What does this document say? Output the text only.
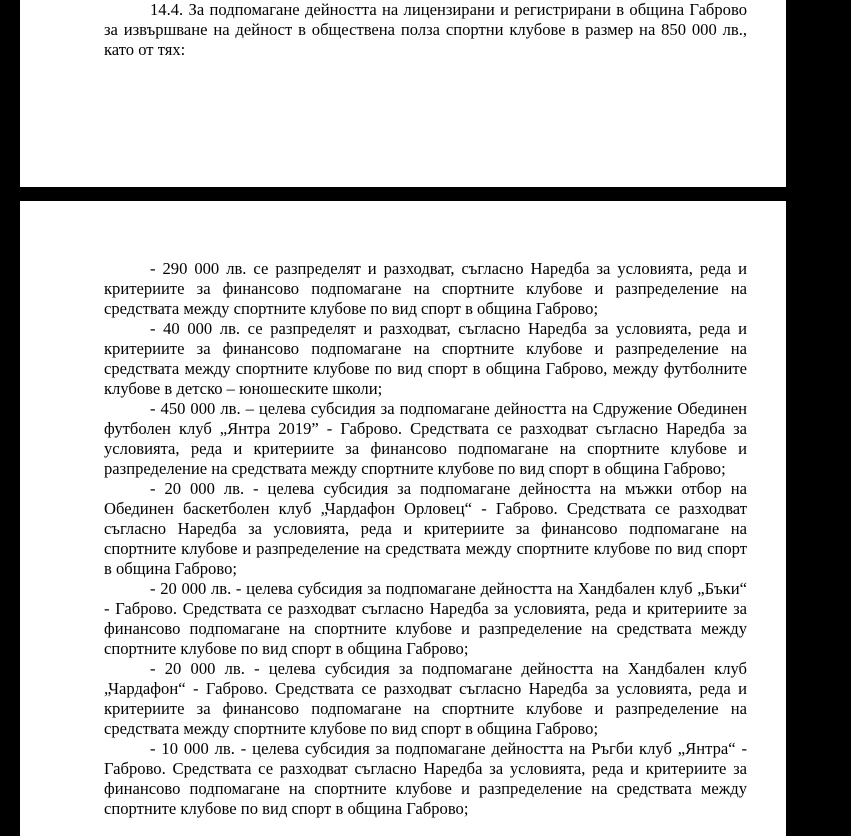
14.4. За подпомагане дейността на лицензирани и регистрирани в община Габрово за извършване на дейност в обществена полза спортни клубове в размер на 850 000 лв., като от тях:

- 290 000 лв. се разпределят и разходват, съгласно Наредба за условията, реда и критериите за финансово подпомагане на спортните клубове и разпределение на средствата между спортните клубове по вид спорт в община Габрово;

- 40 000 лв. се разпределят и разходват, съгласно Наредба за условията, реда и критериите за финансово подпомагане на спортните клубове и разпределение на средствата между спортните клубове по вид спорт в община Габрово, между футболните клубове в детско – юношеските школи;

- 450 000 лв. – целева субсидия за подпомагане дейността на Сдружение Обединен футболен клуб „Янтра 2019” - Габрово. Средствата се разходват съгласно Наредба за условията, реда и критериите за финансово подпомагане на спортните клубове и разпределение на средствата между спортните клубове по вид спорт в община Габрово;

- 20 000 лв. - целева субсидия за подпомагане дейността на мъжки отбор на Обединен баскетболен клуб „Чардафон Орловец“ - Габрово. Средствата се разходват съгласно Наредба за условията, реда и критериите за финансово подпомагане на спортните клубове и разпределение на средствата между спортните клубове по вид спорт в община Габрово;

- 20 000 лв. - целева субсидия за подпомагане дейността на Хандбален клуб „Бъки“ - Габрово. Средствата се разходват съгласно Наредба за условията, реда и критериите за финансово подпомагане на спортните клубове и разпределение на средствата между спортните клубове по вид спорт в община Габрово;

- 20 000 лв. - целева субсидия за подпомагане дейността на Хандбален клуб „Чардафон“ - Габрово. Средствата се разходват съгласно Наредба за условията, реда и критериите за финансово подпомагане на спортните клубове и разпределение на средствата между спортните клубове по вид спорт в община Габрово;

- 10 000 лв. - целева субсидия за подпомагане дейността на Ръгби клуб „Янтра“ - Габрово. Средствата се разходват съгласно Наредба за условията, реда и критериите за финансово подпомагане на спортните клубове и разпределение на средствата между спортните клубове по вид спорт в община Габрово;
